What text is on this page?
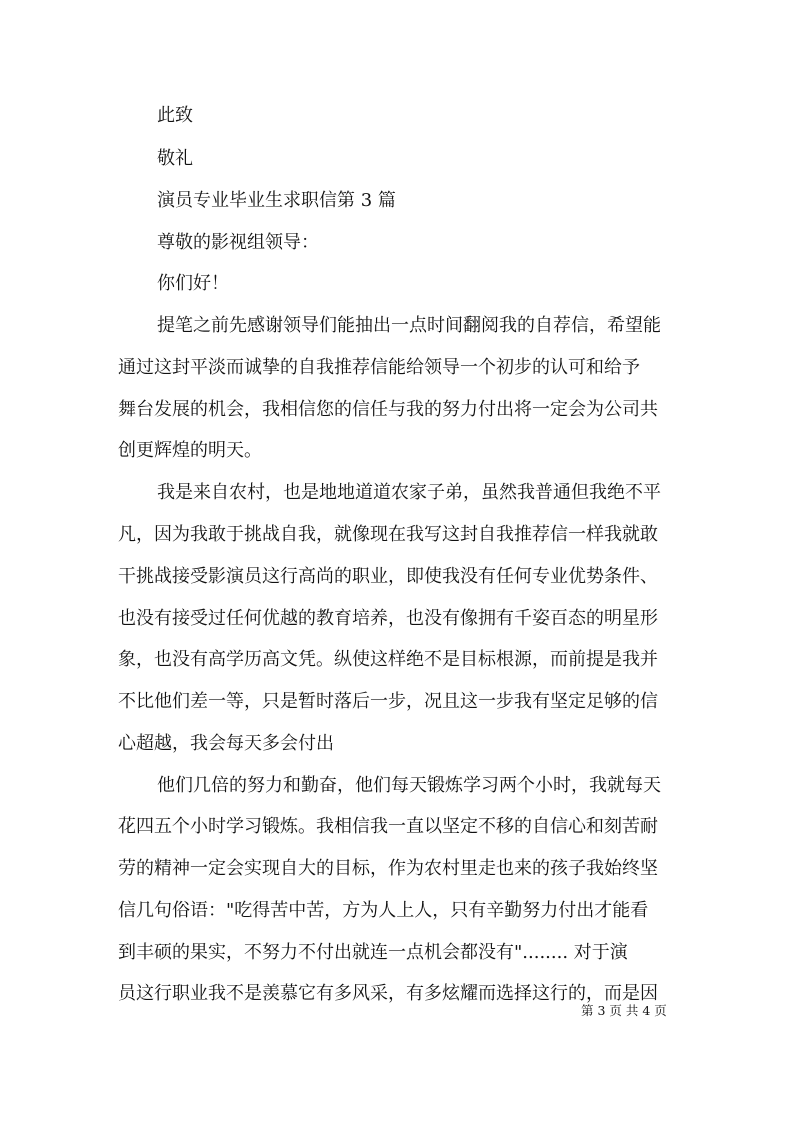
此致
敬礼
演员专业毕业生求职信第 3 篇
尊敬的影视组领导：
你们好！
提笔之前先感谢领导们能抽出一点时间翻阅我的自荐信，希望能
通过这封平淡而诚挚的自我推荐信能给领导一个初步的认可和给予
舞台发展的机会，我相信您的信任与我的努力付出将一定会为公司共
创更辉煌的明天。
我是来自农村，也是地地道道农家子弟，虽然我普通但我绝不平
凡，因为我敢于挑战自我，就像现在我写这封自我推荐信一样我就敢
干挑战接受影演员这行高尚的职业，即使我没有任何专业优势条件、
也没有接受过任何优越的教育培养，也没有像拥有千姿百态的明星形
象，也没有高学历高文凭。纵使这样绝不是目标根源，而前提是我并
不比他们差一等，只是暂时落后一步，况且这一步我有坚定足够的信
心超越，我会每天多会付出
他们几倍的努力和勤奋，他们每天锻炼学习两个小时，我就每天
花四五个小时学习锻炼。我相信我一直以坚定不移的自信心和刻苦耐
劳的精神一定会实现自大的目标，作为农村里走也来的孩子我始终坚
信几句俗语："吃得苦中苦，方为人上人，只有辛勤努力付出才能看
到丰硕的果实，不努力不付出就连一点机会都没有"........ 对于演
员这行职业我不是羡慕它有多风采，有多炫耀而选择这行的，而是因
第 3 页 共 4 页
